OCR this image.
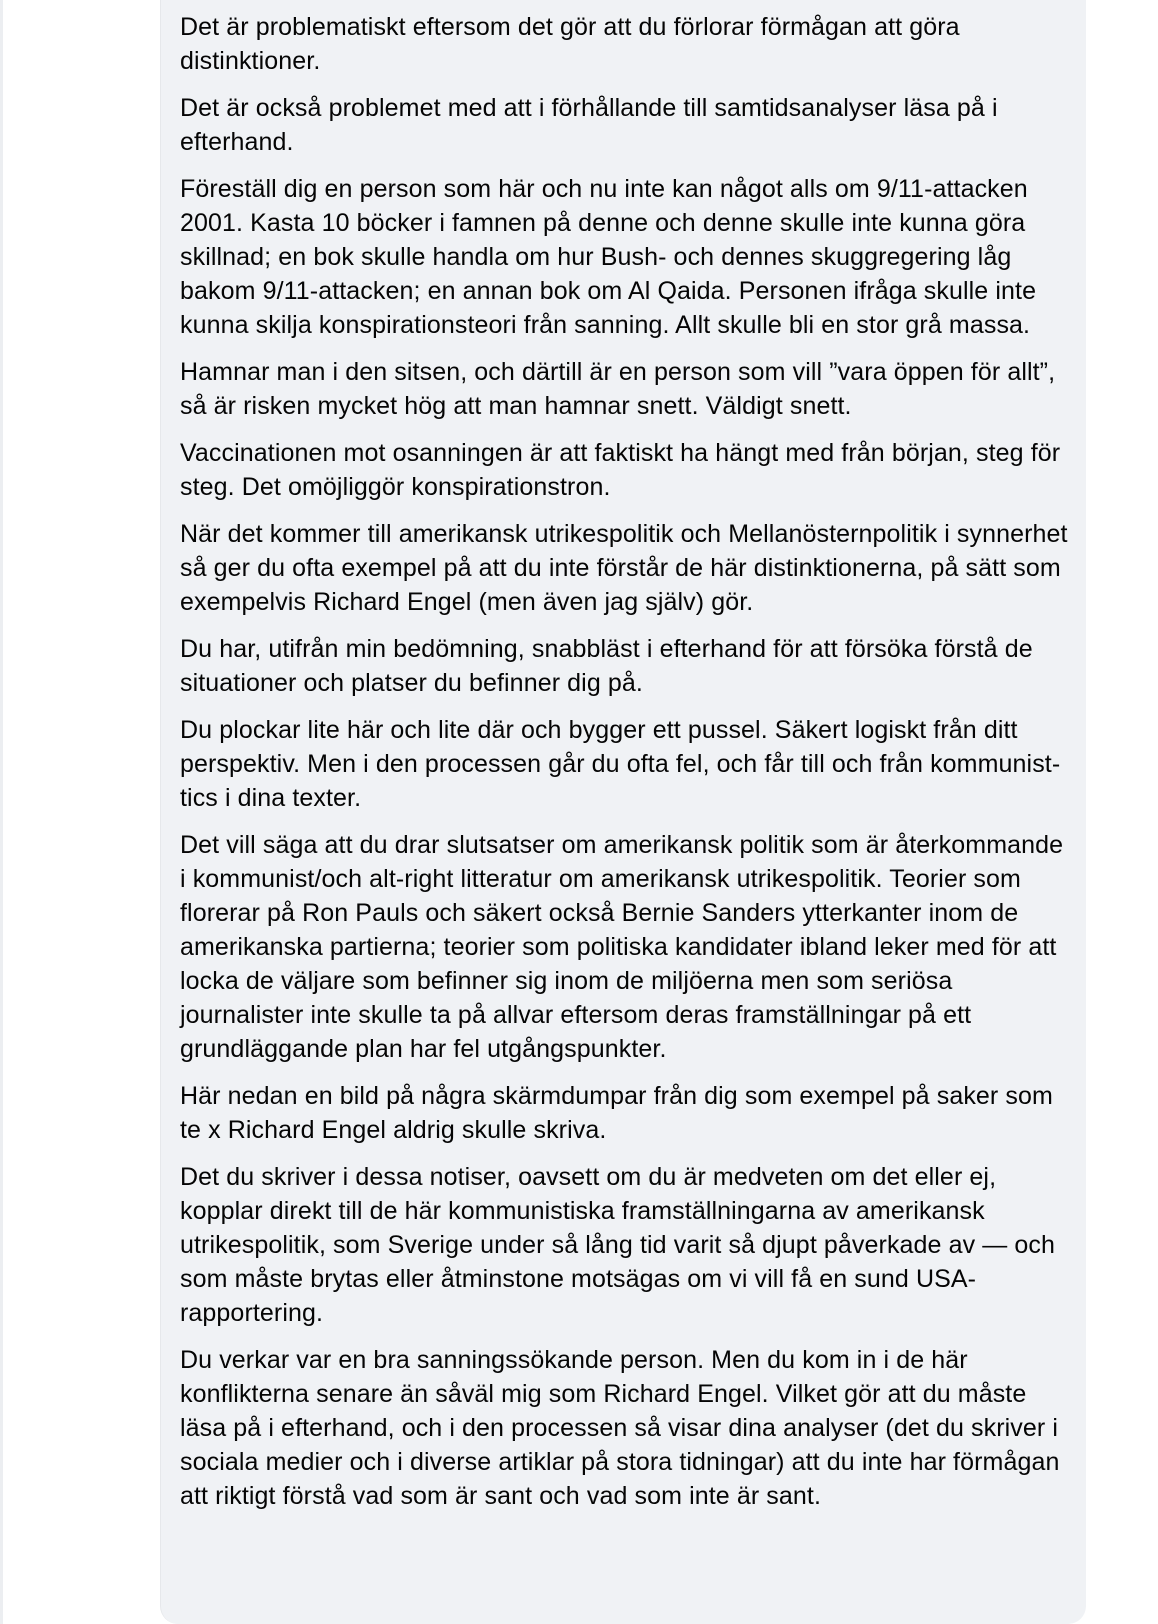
Det är problematiskt eftersom det gör att du förlorar förmågan att göra distinktioner.

Det är också problemet med att i förhållande till samtidsanalyser läsa på i efterhand.

Föreställ dig en person som här och nu inte kan något alls om 9/11-attacken 2001. Kasta 10 böcker i famnen på denne och denne skulle inte kunna göra skillnad; en bok skulle handla om hur Bush- och dennes skuggregering låg bakom 9/11-attacken; en annan bok om Al Qaida. Personen ifråga skulle inte kunna skilja konspirationsteori från sanning. Allt skulle bli en stor grå massa.

Hamnar man i den sitsen, och därtill är en person som vill ”vara öppen för allt”, så är risken mycket hög att man hamnar snett. Väldigt snett.

Vaccinationen mot osanningen är att faktiskt ha hängt med från början, steg för steg. Det omöjliggör konspirationstron.

När det kommer till amerikansk utrikespolitik och Mellanösternpolitik i synnerhet så ger du ofta exempel på att du inte förstår de här distinktionerna, på sätt som exempelvis Richard Engel (men även jag själv) gör.

Du har, utifrån min bedömning, snabbläst i efterhand för att försöka förstå de situationer och platser du befinner dig på.

Du plockar lite här och lite där och bygger ett pussel. Säkert logiskt från ditt perspektiv. Men i den processen går du ofta fel, och får till och från kommunist-tics i dina texter.

Det vill säga att du drar slutsatser om amerikansk politik som är återkommande i kommunist/och alt-right litteratur om amerikansk utrikespolitik. Teorier som florerar på Ron Pauls och säkert också Bernie Sanders ytterkanter inom de amerikanska partierna; teorier som politiska kandidater ibland leker med för att locka de väljare som befinner sig inom de miljöerna men som seriösa journalister inte skulle ta på allvar eftersom deras framställningar på ett grundläggande plan har fel utgångspunkter.

Här nedan en bild på några skärmdumpar från dig som exempel på saker som te x Richard Engel aldrig skulle skriva.

Det du skriver i dessa notiser, oavsett om du är medveten om det eller ej, kopplar direkt till de här kommunistiska framställningarna av amerikansk utrikespolitik, som Sverige under så lång tid varit så djupt påverkade av — och som måste brytas eller åtminstone motsägas om vi vill få en sund USA-rapportering.

Du verkar var en bra sanningssökande person. Men du kom in i de här konflikterna senare än såväl mig som Richard Engel. Vilket gör att du måste läsa på i efterhand, och i den processen så visar dina analyser (det du skriver i sociala medier och i diverse artiklar på stora tidningar) att du inte har förmågan att riktigt förstå vad som är sant och vad som inte är sant.
